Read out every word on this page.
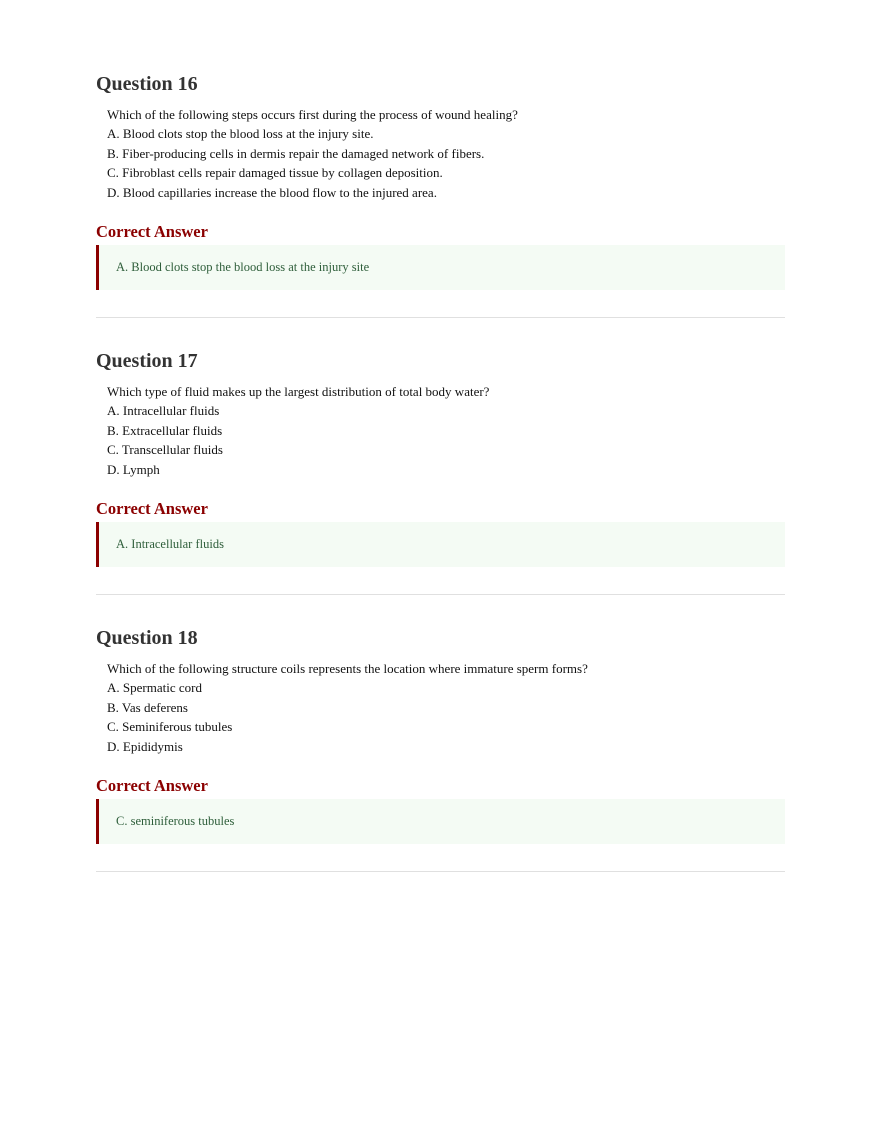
Question 16
Which of the following steps occurs first during the process of wound healing?
A. Blood clots stop the blood loss at the injury site.
B. Fiber-producing cells in dermis repair the damaged network of fibers.
C. Fibroblast cells repair damaged tissue by collagen deposition.
D. Blood capillaries increase the blood flow to the injured area.
Correct Answer
A. Blood clots stop the blood loss at the injury site
Question 17
Which type of fluid makes up the largest distribution of total body water?
A. Intracellular fluids
B. Extracellular fluids
C. Transcellular fluids
D. Lymph
Correct Answer
A. Intracellular fluids
Question 18
Which of the following structure coils represents the location where immature sperm forms?
A. Spermatic cord
B. Vas deferens
C. Seminiferous tubules
D. Epididymis
Correct Answer
C. seminiferous tubules
